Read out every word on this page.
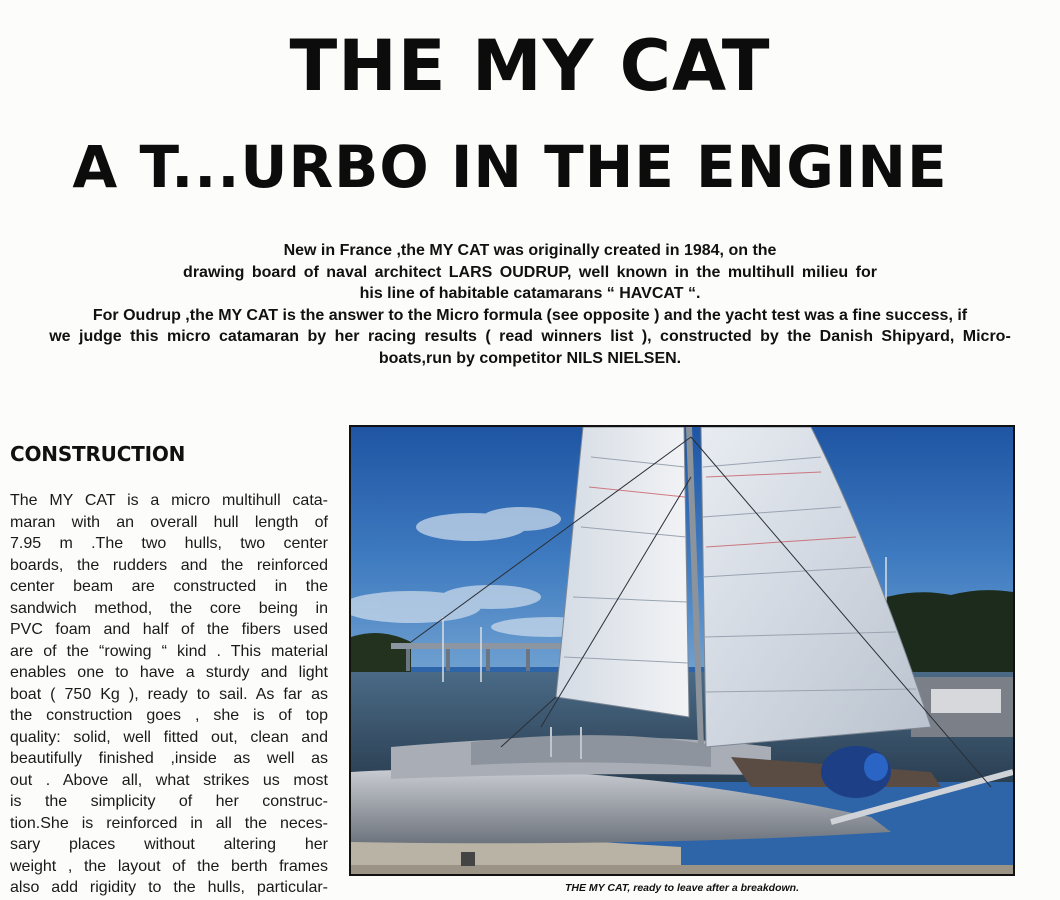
THE MY CAT
A T...URBO IN THE ENGINE
New in France ,the MY CAT was originally created in 1984, on the
drawing board of naval architect LARS OUDRUP, well known in the multihull milieu for
his line of habitable catamarans “ HAVCAT “.
For Oudrup ,the MY CAT is the answer to the Micro formula (see opposite ) and the yacht test was a fine success, if
we judge this micro catamaran by her racing results ( read winners list ), constructed by the Danish Shipyard, Micro-
boats,run by competitor NILS NIELSEN.
CONSTRUCTION
The MY CAT is a micro multihull cata-
maran with an overall hull length of
7.95 m .The two hulls, two center
boards, the rudders and the reinforced
center beam are constructed in the
sandwich method, the core being in
PVC foam and half of the fibers used
are of the “rowing “ kind . This material
enables one to have a sturdy and light
boat ( 750 Kg ), ready to sail. As far as
the construction goes , she is of top
quality: solid, well fitted out, clean and
beautifully finished ,inside as well as
out . Above all, what strikes us most
is the simplicity of her construc-
tion.She is reinforced in all the neces-
sary places without altering her
weight , the layout of the berth frames
also add rigidity to the hulls, particular-	THE MY CAT, ready to leave after a breakdown.
